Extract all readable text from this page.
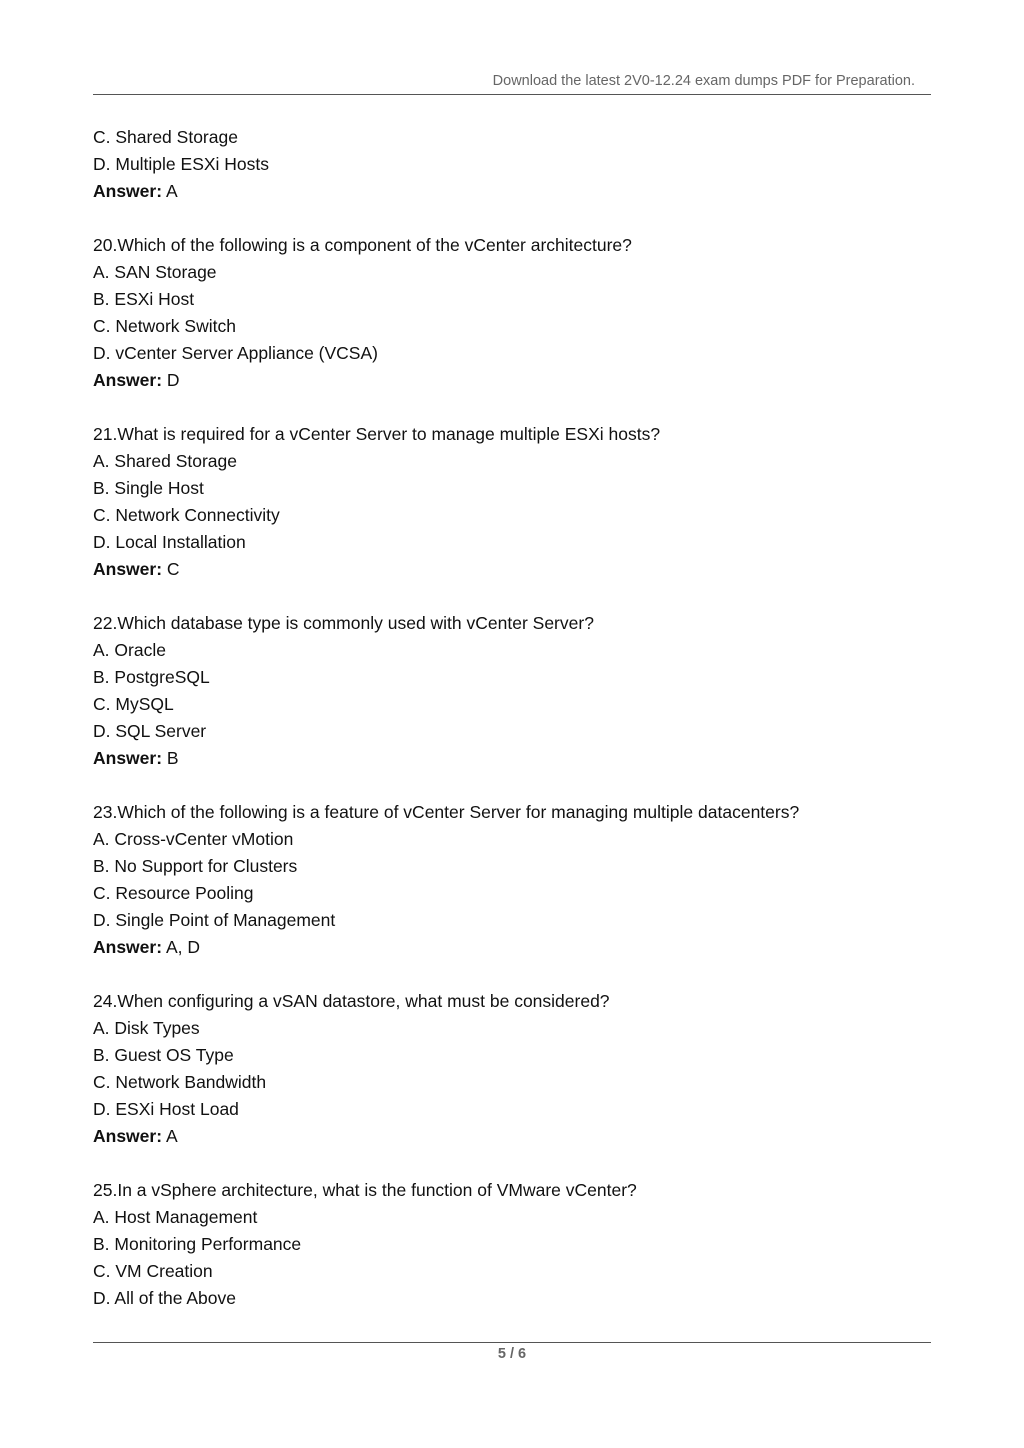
Download the latest 2V0-12.24 exam dumps PDF for Preparation.
C. Shared Storage
D. Multiple ESXi Hosts
Answer: A
20.Which of the following is a component of the vCenter architecture?
A. SAN Storage
B. ESXi Host
C. Network Switch
D. vCenter Server Appliance (VCSA)
Answer: D
21.What is required for a vCenter Server to manage multiple ESXi hosts?
A. Shared Storage
B. Single Host
C. Network Connectivity
D. Local Installation
Answer: C
22.Which database type is commonly used with vCenter Server?
A. Oracle
B. PostgreSQL
C. MySQL
D. SQL Server
Answer: B
23.Which of the following is a feature of vCenter Server for managing multiple datacenters?
A. Cross-vCenter vMotion
B. No Support for Clusters
C. Resource Pooling
D. Single Point of Management
Answer: A, D
24.When configuring a vSAN datastore, what must be considered?
A. Disk Types
B. Guest OS Type
C. Network Bandwidth
D. ESXi Host Load
Answer: A
25.In a vSphere architecture, what is the function of VMware vCenter?
A. Host Management
B. Monitoring Performance
C. VM Creation
D. All of the Above
5 / 6
